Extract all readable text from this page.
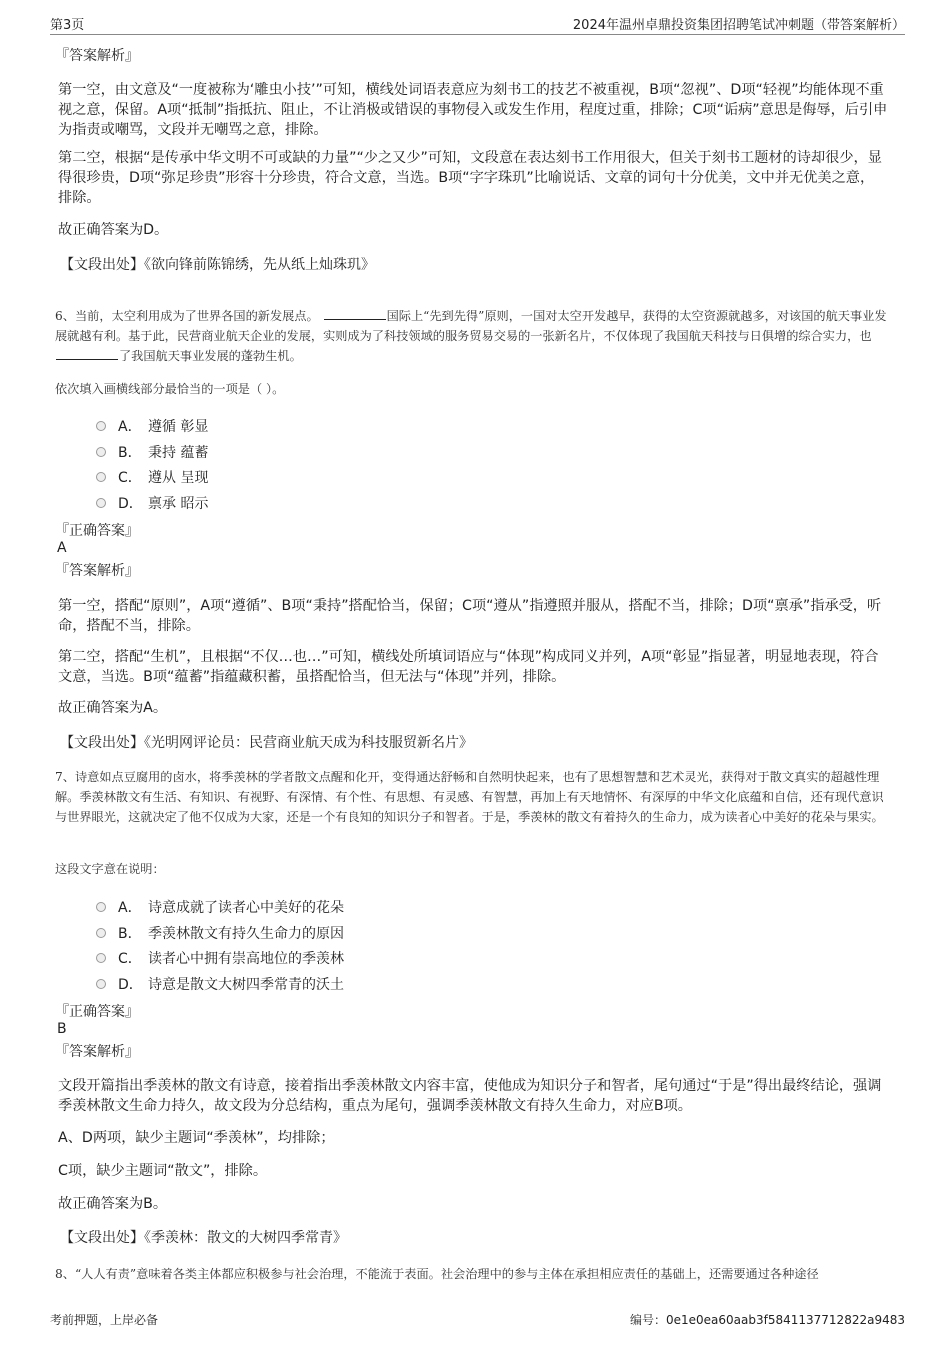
第3页	2024年温州卓鼎投资集团招聘笔试冲刺题（带答案解析）
『答案解析』
第一空，由文意及“一度被称为‘雕虫小技’”可知，横线处词语表意应为刻书工的技艺不被重视，B项“忽视”、D项“轻视”均能体现不重视之意，保留。A项“抵制”指抵抗、阻止，不让消极或错误的事物侵入或发生作用，程度过重，排除；C项“诟病”意思是侮辱，后引申为指责或嘲骂，文段并无嘲骂之意，排除。
第二空，根据“是传承中华文明不可或缺的力量”“少之又少”可知，文段意在表达刻书工作用很大，但关于刻书工题材的诗却很少，显得很珍贵，D项“弥足珍贵”形容十分珍贵，符合文意，当选。B项“字字珠玑”比喻说话、文章的词句十分优美，文中并无优美之意，排除。
故正确答案为D。
【文段出处】《欲向锋前陈锦绣，先从纸上灿珠玑》
6、当前，太空利用成为了世界各国的新发展点。	国际上“先到先得”原则，一国对太空开发越早，获得的太空资源就越多，对该国的航天事业发展就越有利。基于此，民营商业航天企业的发展，实则成为了科技领域的服务贸易交易的一张新名片，不仅体现了我国航天科技与日俱增的综合实力，也 了我国航天事业发展的蓬勃生机。
依次填入画横线部分最恰当的一项是（ ）。
A． 遵循 彰显
B． 秉持 蕴蓄
C． 遵从 呈现
D． 禀承 昭示
『正确答案』
A
『答案解析』
第一空，搭配“原则”，A项“遵循”、B项“秉持”搭配恰当，保留；C项“遵从”指遵照并服从，搭配不当，排除；D项“禀承”指承受，听命，搭配不当，排除。
第二空，搭配“生机”，且根据“不仅…也…”可知，横线处所填词语应与“体现”构成同义并列，A项“彰显”指显著，明显地表现，符合文意，当选。B项“蕴蓄”指蕴藏积蓄，虽搭配恰当，但无法与“体现”并列，排除。
故正确答案为A。
【文段出处】《光明网评论员：民营商业航天成为科技服贸新名片》
7、诗意如点豆腐用的卤水，将季羡林的学者散文点醒和化开，变得通达舒畅和自然明快起来，也有了思想智慧和艺术灵光，获得对于散文真实的超越性理解。季羡林散文有生活、有知识、有视野、有深情、有个性、有思想、有灵感、有智慧，再加上有天地情怀、有深厚的中华文化底蕴和自信，还有现代意识与世界眼光，这就决定了他不仅成为大家，还是一个有良知的知识分子和智者。于是，季羡林的散文有着持久的生命力，成为读者心中美好的花朵与果实。
这段文字意在说明：
A． 诗意成就了读者心中美好的花朵
B． 季羡林散文有持久生命力的原因
C． 读者心中拥有崇高地位的季羡林
D． 诗意是散文大树四季常青的沃土
『正确答案』
B
『答案解析』
文段开篇指出季羡林的散文有诗意，接着指出季羡林散文内容丰富，使他成为知识分子和智者，尾句通过“于是”得出最终结论，强调季羡林散文生命力持久，故文段为分总结构，重点为尾句，强调季羡林散文有持久生命力，对应B项。
A、D两项，缺少主题词“季羡林”，均排除；
C项，缺少主题词“散文”，排除。
故正确答案为B。
【文段出处】《季羡林：散文的大树四季常青》
8、“人人有责”意味着各类主体都应积极参与社会治理，不能流于表面。社会治理中的参与主体在承担相应责任的基础上，还需要通过各种途径
考前押题，上岸必备	编号：0e1e0ea60aab3f5841137712822a9483
